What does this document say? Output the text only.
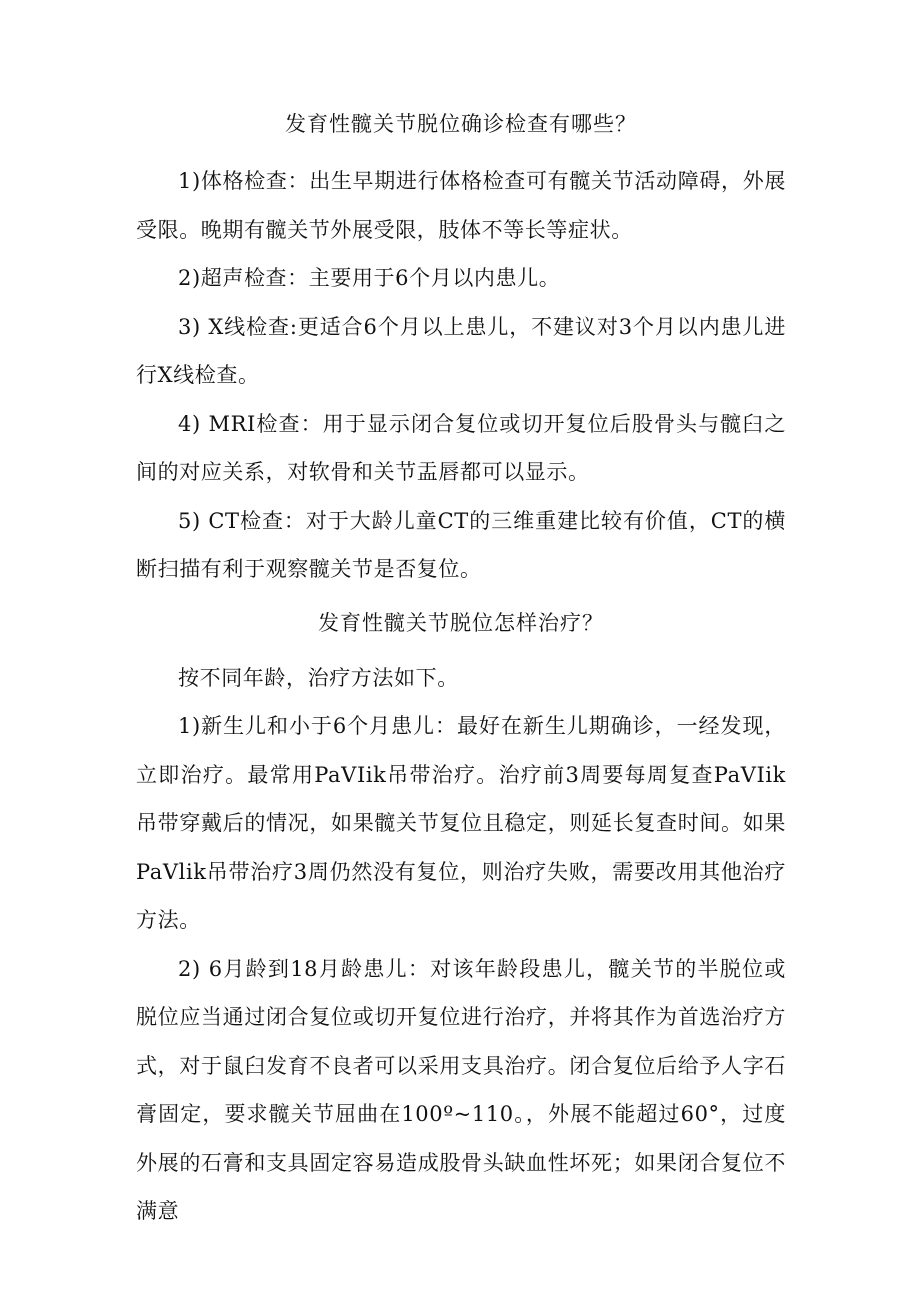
发育性髋关节脱位确诊检查有哪些？

1)体格检查：出生早期进行体格检查可有髋关节活动障碍，外展受限。晚期有髋关节外展受限，肢体不等长等症状。

2)超声检查：主要用于6个月以内患儿。

3) X线检查:更适合6个月以上患儿，不建议对3个月以内患儿进行X线检查。

4) MRI检查：用于显示闭合复位或切开复位后股骨头与髋臼之间的对应关系，对软骨和关节盂唇都可以显示。

5) CT检查：对于大龄儿童CT的三维重建比较有价值，CT的横断扫描有利于观察髋关节是否复位。

发育性髋关节脱位怎样治疗？

按不同年龄，治疗方法如下。

1)新生儿和小于6个月患儿：最好在新生儿期确诊，一经发现，立即治疗。最常用PaVIik吊带治疗。治疗前3周要每周复查PaVIik吊带穿戴后的情况，如果髋关节复位且稳定，则延长复查时间。如果PaVlik吊带治疗3周仍然没有复位，则治疗失败，需要改用其他治疗方法。

2) 6月龄到18月龄患儿：对该年龄段患儿，髋关节的半脱位或脱位应当通过闭合复位或切开复位进行治疗，并将其作为首选治疗方式，对于鼠臼发育不良者可以采用支具治疗。闭合复位后给予人字石膏固定，要求髋关节屈曲在100º~110。，外展不能超过60°，过度外展的石膏和支具固定容易造成股骨头缺血性坏死；如果闭合复位不满意
